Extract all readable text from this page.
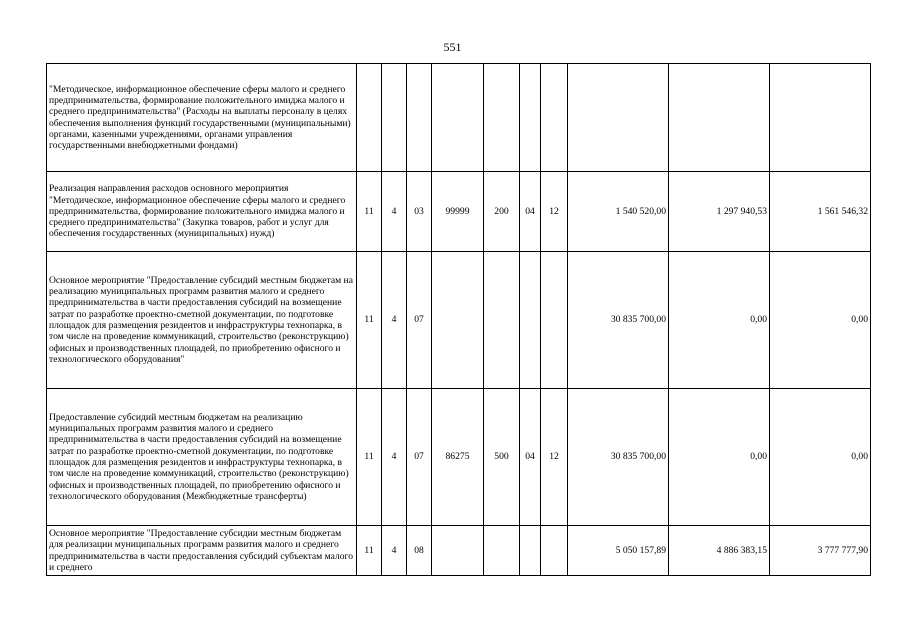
551
"Методическое, информационное обеспечение сферы малого и среднего предпринимательства, формирование положительного имиджа малого и среднего предпринимательства" (Расходы на выплаты персоналу в целях обеспечения выполнения функций государственными (муниципальными) органами, казенными учреждениями, органами управления государственными внебюджетными фондами)										
Реализация направления расходов основного мероприятия "Методическое, информационное обеспечение сферы малого и среднего предпринимательства, формирование положительного имиджа малого и среднего предпринимательства" (Закупка товаров, работ и услуг для обеспечения государственных (муниципальных) нужд)	11	4	03	99999	200	04	12	1 540 520,00	1 297 940,53	1 561 546,32
Основное мероприятие "Предоставление субсидий местным бюджетам на реализацию муниципальных программ развития малого и среднего предпринимательства в части предоставления субсидий на возмещение затрат по разработке проектно-сметной документации, по подготовке площадок для размещения резидентов и инфраструктуры технопарка, в том числе на проведение коммуникаций, строительство (реконструкцию) офисных и производственных площадей, по приобретению офисного и технологического оборудования"	11	4	07					30 835 700,00	0,00	0,00
Предоставление субсидий местным бюджетам на реализацию муниципальных программ развития малого и среднего предпринимательства в части предоставления субсидий на возмещение затрат по разработке проектно-сметной документации, по подготовке площадок для размещения резидентов и инфраструктуры технопарка, в том числе на проведение коммуникаций, строительство (реконструкцию) офисных и производственных площадей, по приобретению офисного и технологического оборудования (Межбюджетные трансферты)	11	4	07	86275	500	04	12	30 835 700,00	0,00	0,00
Основное мероприятие "Предоставление субсидии местным бюджетам для реализации муниципальных программ развития малого и среднего предпринимательства в части предоставления субсидий субъектам малого и среднего	11	4	08					5 050 157,89	4 886 383,15	3 777 777,90
